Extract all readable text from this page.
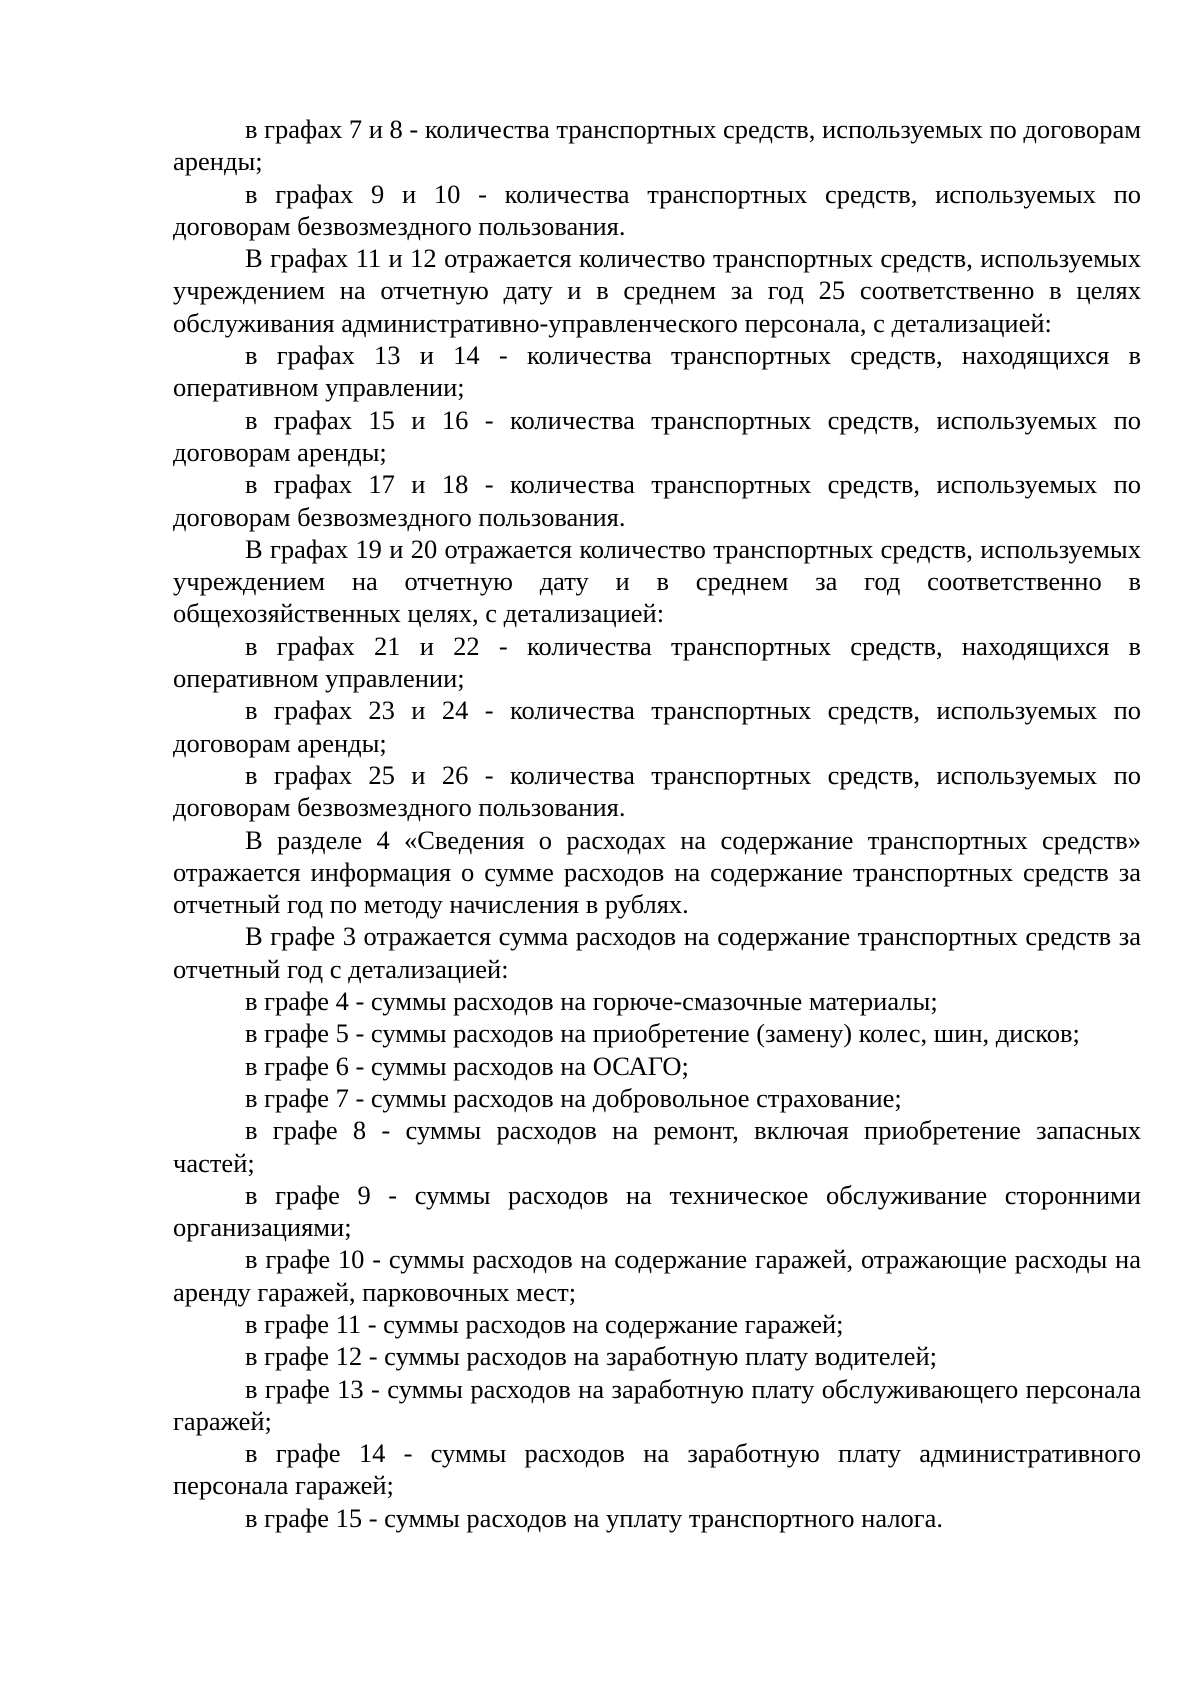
в графах 7 и 8 - количества транспортных средств, используемых по договорам аренды;

в графах 9 и 10 - количества транспортных средств, используемых по договорам безвозмездного пользования.

В графах 11 и 12 отражается количество транспортных средств, используемых учреждением на отчетную дату и в среднем за год 25 соответственно в целях обслуживания административно-управленческого персонала, с детализацией:

в графах 13 и 14 - количества транспортных средств, находящихся в оперативном управлении;

в графах 15 и 16 - количества транспортных средств, используемых по договорам аренды;

в графах 17 и 18 - количества транспортных средств, используемых по договорам безвозмездного пользования.

В графах 19 и 20 отражается количество транспортных средств, используемых учреждением на отчетную дату и в среднем за год соответственно в общехозяйственных целях, с детализацией:

в графах 21 и 22 - количества транспортных средств, находящихся в оперативном управлении;

в графах 23 и 24 - количества транспортных средств, используемых по договорам аренды;

в графах 25 и 26 - количества транспортных средств, используемых по договорам безвозмездного пользования.

В разделе 4 «Сведения о расходах на содержание транспортных средств» отражается информация о сумме расходов на содержание транспортных средств за отчетный год по методу начисления в рублях.

В графе 3 отражается сумма расходов на содержание транспортных средств за отчетный год с детализацией:

в графе 4 - суммы расходов на горюче-смазочные материалы;

в графе 5 - суммы расходов на приобретение (замену) колес, шин, дисков;

в графе 6 - суммы расходов на ОСАГО;

в графе 7 - суммы расходов на добровольное страхование;

в графе 8 - суммы расходов на ремонт, включая приобретение запасных частей;

в графе 9 - суммы расходов на техническое обслуживание сторонними организациями;

в графе 10 - суммы расходов на содержание гаражей, отражающие расходы на аренду гаражей, парковочных мест;

в графе 11 - суммы расходов на содержание гаражей;

в графе 12 - суммы расходов на заработную плату водителей;

в графе 13 - суммы расходов на заработную плату обслуживающего персонала гаражей;

в графе 14 - суммы расходов на заработную плату административного персонала гаражей;

в графе 15 - суммы расходов на уплату транспортного налога.
